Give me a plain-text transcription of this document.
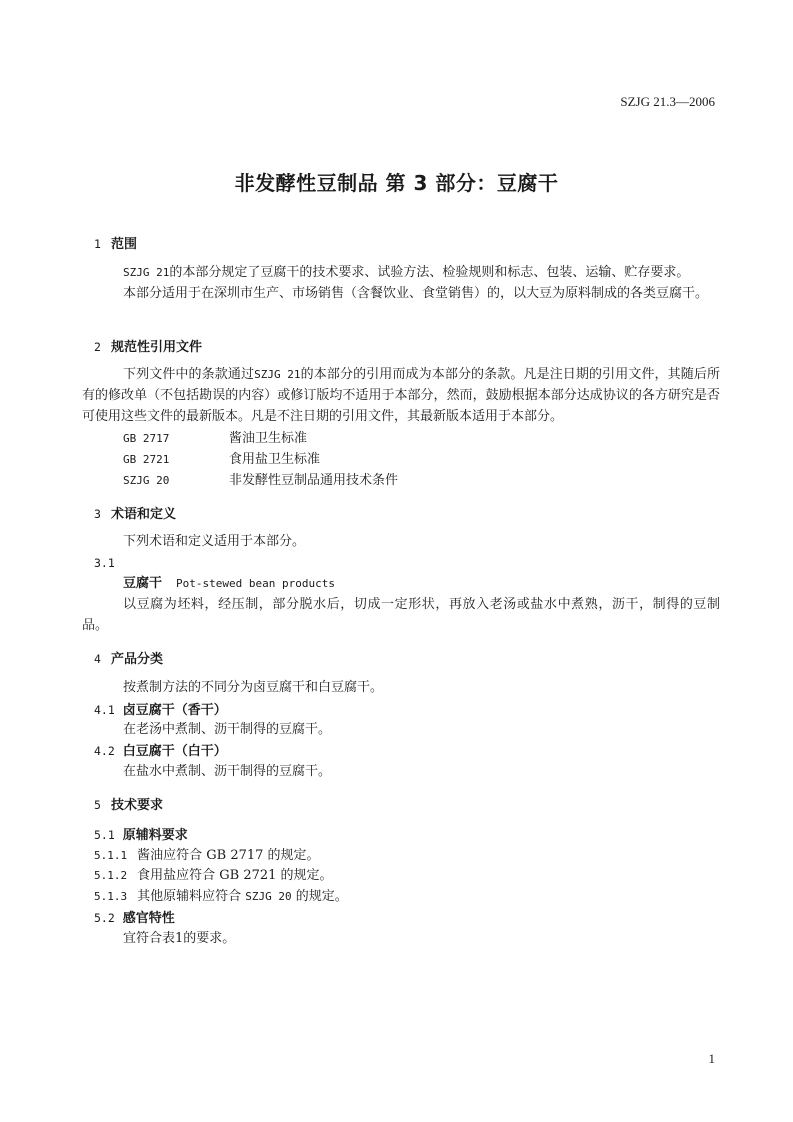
SZJG 21.3—2006
非发酵性豆制品 第 3 部分：豆腐干
1 范围
SZJG 21的本部分规定了豆腐干的技术要求、试验方法、检验规则和标志、包装、运输、贮存要求。
本部分适用于在深圳市生产、市场销售（含餐饮业、食堂销售）的，以大豆为原料制成的各类豆腐干。
2 规范性引用文件
下列文件中的条款通过SZJG 21的本部分的引用而成为本部分的条款。凡是注日期的引用文件，其随后所有的修改单（不包括勘误的内容）或修订版均不适用于本部分，然而，鼓励根据本部分达成协议的各方研究是否可使用这些文件的最新版本。凡是不注日期的引用文件，其最新版本适用于本部分。
GB 2717	酱油卫生标准
GB 2721	食用盐卫生标准
SZJG 20	非发酵性豆制品通用技术条件
3 术语和定义
下列术语和定义适用于本部分。
3.1
豆腐干 Pot-stewed bean products
以豆腐为坯料，经压制，部分脱水后，切成一定形状，再放入老汤或盐水中煮熟，沥干，制得的豆制品。
4 产品分类
按煮制方法的不同分为卤豆腐干和白豆腐干。
4.1 卤豆腐干（香干）
在老汤中煮制、沥干制得的豆腐干。
4.2 白豆腐干（白干）
在盐水中煮制、沥干制得的豆腐干。
5 技术要求
5.1 原辅料要求
5.1.1 酱油应符合 GB 2717 的规定。
5.1.2 食用盐应符合 GB 2721 的规定。
5.1.3 其他原辅料应符合 SZJG 20 的规定。
5.2 感官特性
宜符合表1的要求。
1
